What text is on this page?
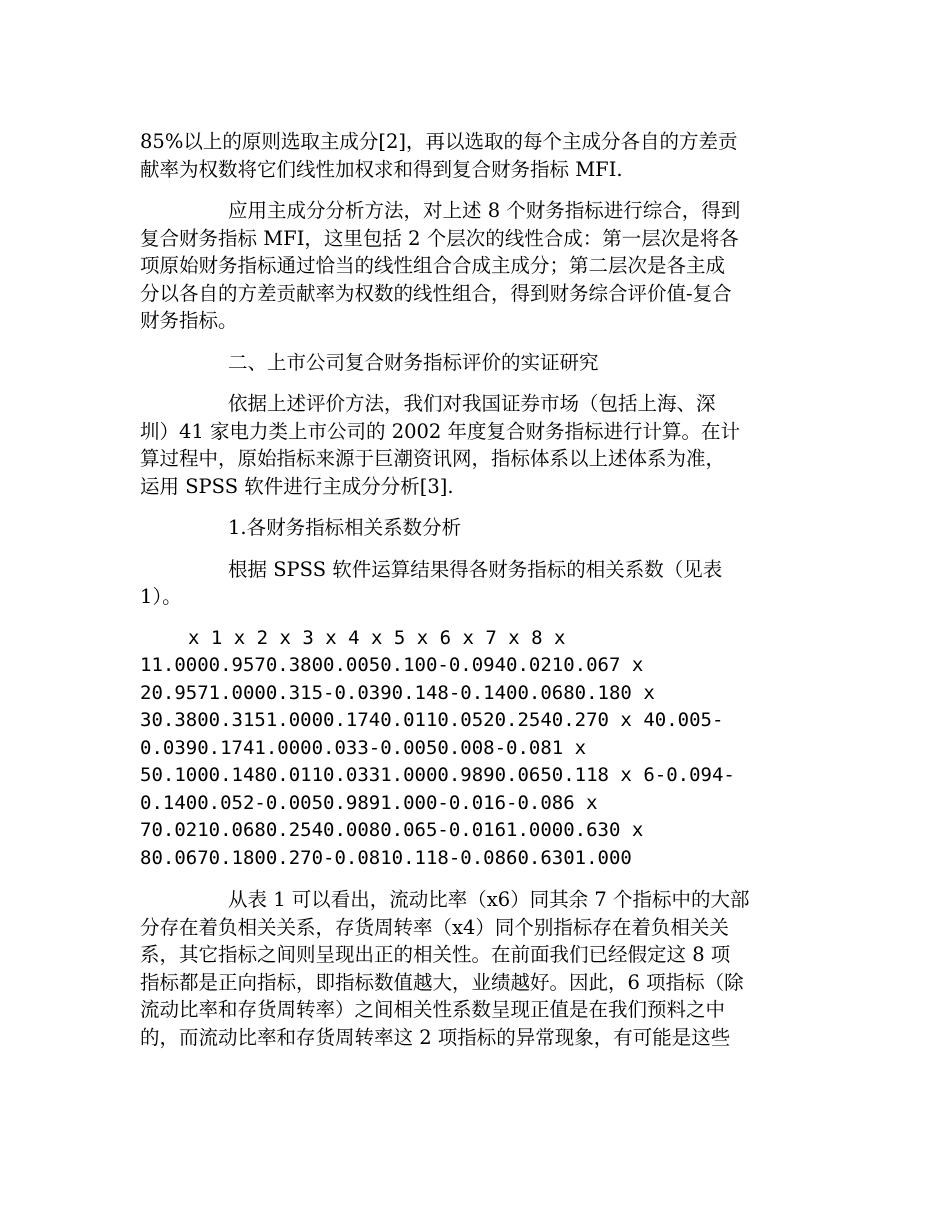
85%以上的原则选取主成分[2]，再以选取的每个主成分各自的方差贡
献率为权数将它们线性加权求和得到复合财务指标 MFI.

应用主成分分析方法，对上述 8 个财务指标进行综合，得到
复合财务指标 MFI，这里包括 2 个层次的线性合成：第一层次是将各
项原始财务指标通过恰当的线性组合合成主成分；第二层次是各主成
分以各自的方差贡献率为权数的线性组合，得到财务综合评价值-复合
财务指标。

二、上市公司复合财务指标评价的实证研究

依据上述评价方法，我们对我国证券市场（包括上海、深
圳）41 家电力类上市公司的 2002 年度复合财务指标进行计算。在计
算过程中，原始指标来源于巨潮资讯网，指标体系以上述体系为准，
运用 SPSS 软件进行主成分分析[3].

1.各财务指标相关系数分析

根据 SPSS 软件运算结果得各财务指标的相关系数（见表
1）。

x 1 x 2 x 3 x 4 x 5 x 6 x 7 x 8 x
11.0000.9570.3800.0050.100-0.0940.0210.067 x
20.9571.0000.315-0.0390.148-0.1400.0680.180 x
30.3800.3151.0000.1740.0110.0520.2540.270 x 40.005-
0.0390.1741.0000.033-0.0050.008-0.081 x
50.1000.1480.0110.0331.0000.9890.0650.118 x 6-0.094-
0.1400.052-0.0050.9891.000-0.016-0.086 x
70.0210.0680.2540.0080.065-0.0161.0000.630 x
80.0670.1800.270-0.0810.118-0.0860.6301.000

从表 1 可以看出，流动比率（x6）同其余 7 个指标中的大部
分存在着负相关关系，存货周转率（x4）同个别指标存在着负相关关
系，其它指标之间则呈现出正的相关性。在前面我们已经假定这 8 项
指标都是正向指标，即指标数值越大，业绩越好。因此，6 项指标（除
流动比率和存货周转率）之间相关性系数呈现正值是在我们预料之中
的，而流动比率和存货周转率这 2 项指标的异常现象，有可能是这些
